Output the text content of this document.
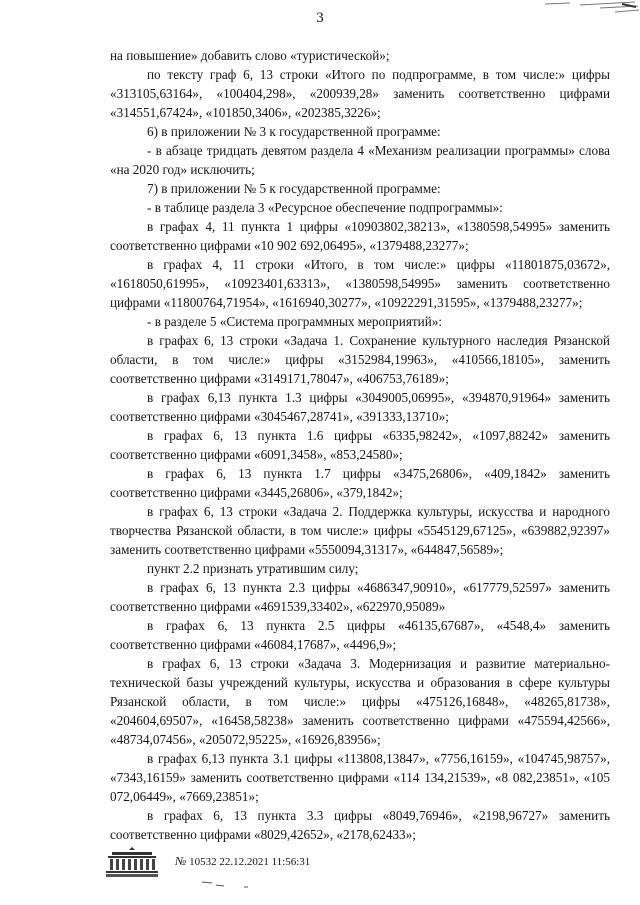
3

на повышение» добавить слово «туристической»;

по тексту граф 6, 13 строки «Итого по подпрограмме, в том числе:» цифры «313105,63164», «100404,298», «200939,28» заменить соответственно цифрами «314551,67424», «101850,3406», «202385,3226»;

6) в приложении № 3 к государственной программе:

- в абзаце тридцать девятом раздела 4 «Механизм реализации программы» слова «на 2020 год» исключить;

7) в приложении № 5 к государственной программе:

- в таблице раздела 3 «Ресурсное обеспечение подпрограммы»:

в графах 4, 11 пункта 1 цифры «10903802,38213», «1380598,54995» заменить соответственно цифрами «10 902 692,06495», «1379488,23277»;

в графах 4, 11 строки «Итого, в том числе:» цифры «11801875,03672», «1618050,61995», «10923401,63313», «1380598,54995» заменить соответственно цифрами «11800764,71954», «1616940,30277», «10922291,31595», «1379488,23277»;

- в разделе 5 «Система программных мероприятий»:

в графах 6, 13 строки «Задача 1. Сохранение культурного наследия Рязанской области, в том числе:» цифры «3152984,19963», «410566,18105», заменить соответственно цифрами «3149171,78047», «406753,76189»;

в графах 6,13 пункта 1.3 цифры «3049005,06995», «394870,91964» заменить соответственно цифрами «3045467,28741», «391333,13710»;

в графах 6, 13 пункта 1.6 цифры «6335,98242», «1097,88242» заменить соответственно цифрами «6091,3458», «853,24580»;

в графах 6, 13 пункта 1.7 цифры «3475,26806», «409,1842» заменить соответственно цифрами «3445,26806», «379,1842»;

в графах 6, 13 строки «Задача 2. Поддержка культуры, искусства и народного творчества Рязанской области, в том числе:» цифры «5545129,67125», «639882,92397» заменить соответственно цифрами «5550094,31317», «644847,56589»;

пункт 2.2 признать утратившим силу;

в графах 6, 13 пункта 2.3 цифры «4686347,90910», «617779,52597» заменить соответственно цифрами «4691539,33402», «622970,95089»

в графах 6, 13 пункта 2.5 цифры «46135,67687», «4548,4» заменить соответственно цифрами «46084,17687», «4496,9»;

в графах 6, 13 строки «Задача 3. Модернизация и развитие материально-технической базы учреждений культуры, искусства и образования в сфере культуры Рязанской области, в том числе:» цифры «475126,16848», «48265,81738», «204604,69507», «16458,58238» заменить соответственно цифрами «475594,42566», «48734,07456», «205072,95225», «16926,83956»;

в графах 6,13 пункта 3.1 цифры «113808,13847», «7756,16159», «104745,98757», «7343,16159» заменить соответственно цифрами «114 134,21539», «8 082,23851», «105 072,06449», «7669,23851»;

в графах 6, 13 пункта 3.3 цифры «8049,76946», «2198,96727» заменить соответственно цифрами «8029,42652», «2178,62433»;

№ 10532 22.12.2021 11:56:31
